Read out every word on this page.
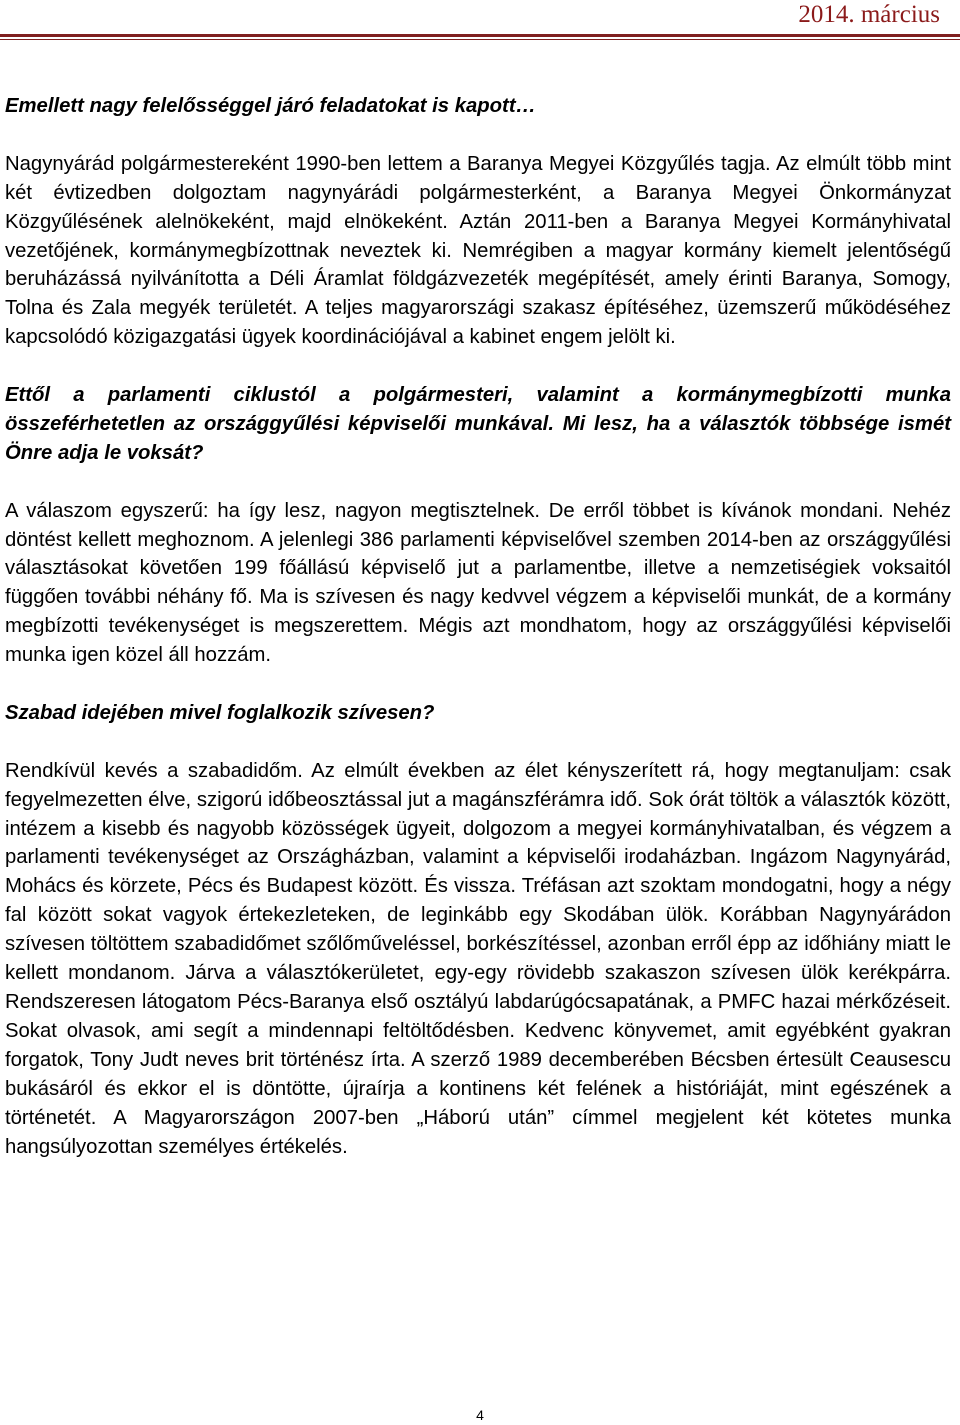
2014. március

Emellett nagy felelősséggel járó feladatokat is kapott…

Nagynyárád polgármestereként 1990-ben lettem a Baranya Megyei Közgyűlés tagja. Az elmúlt több mint két évtizedben dolgoztam nagynyárádi polgármesterként, a Baranya Megyei Önkormányzat Közgyűlésének alelnökeként, majd elnökeként. Aztán 2011-ben a Baranya Megyei Kormányhivatal vezetőjének, kormánymegbízottnak neveztek ki. Nemrégiben a magyar kormány kiemelt jelentőségű beruházássá nyilvánította a Déli Áramlat földgázvezeték megépítését, amely érinti Baranya, Somogy, Tolna és Zala megyék területét. A teljes magyarországi szakasz építéséhez, üzemszerű működéséhez kapcsolódó közigazgatási ügyek koordinációjával a kabinet engem jelölt ki.

Ettől a parlamenti ciklustól a polgármesteri, valamint a kormánymegbízotti munka összeférhetetlen az országgyűlési képviselői munkával. Mi lesz, ha a választók többsége ismét Önre adja le voksát?

A válaszom egyszerű: ha így lesz, nagyon megtisztelnek. De erről többet is kívánok mondani. Nehéz döntést kellett meghoznom. A jelenlegi 386 parlamenti képviselővel szemben 2014-ben az országgyűlési választásokat követően 199 főállású képviselő jut a parlamentbe, illetve a nemzetiségiek voksaitól függően további néhány fő. Ma is szívesen és nagy kedvvel végzem a képviselői munkát, de a kormány megbízotti tevékenységet is megszerettem. Mégis azt mondhatom, hogy az országgyűlési képviselői munka igen közel áll hozzám.

Szabad idejében mivel foglalkozik szívesen?

Rendkívül kevés a szabadidőm. Az elmúlt években az élet kényszerített rá, hogy megtanuljam: csak fegyelmezetten élve, szigorú időbeosztással jut a magánszférámra idő. Sok órát töltök a választók között, intézem a kisebb és nagyobb közösségek ügyeit, dolgozom a megyei kormányhivatalban, és végzem a parlamenti tevékenységet az Országházban, valamint a képviselői irodaházban. Ingázom Nagynyárád, Mohács és körzete, Pécs és Budapest között. És vissza. Tréfásan azt szoktam mondogatni, hogy a négy fal között sokat vagyok értekezleteken, de leginkább egy Skodában ülök. Korábban Nagynyárádon szívesen töltöttem szabadidőmet szőlőműveléssel, borkészítéssel, azonban erről épp az időhiány miatt le kellett mondanom. Járva a választókerületet, egy-egy rövidebb szakaszon szívesen ülök kerékpárra. Rendszeresen látogatom Pécs-Baranya első osztályú labdarúgócsapatának, a PMFC hazai mérkőzéseit. Sokat olvasok, ami segít a mindennapi feltöltődésben. Kedvenc könyvemet, amit egyébként gyakran forgatok, Tony Judt neves brit történész írta. A szerző 1989 decemberében Bécsben értesült Ceausescu bukásáról és ekkor el is döntötte, újraírja a kontinens két felének a históriáját, mint egészének a történetét. A Magyarországon 2007-ben „Háború után” címmel megjelent két kötetes munka hangsúlyozottan személyes értékelés.

4
